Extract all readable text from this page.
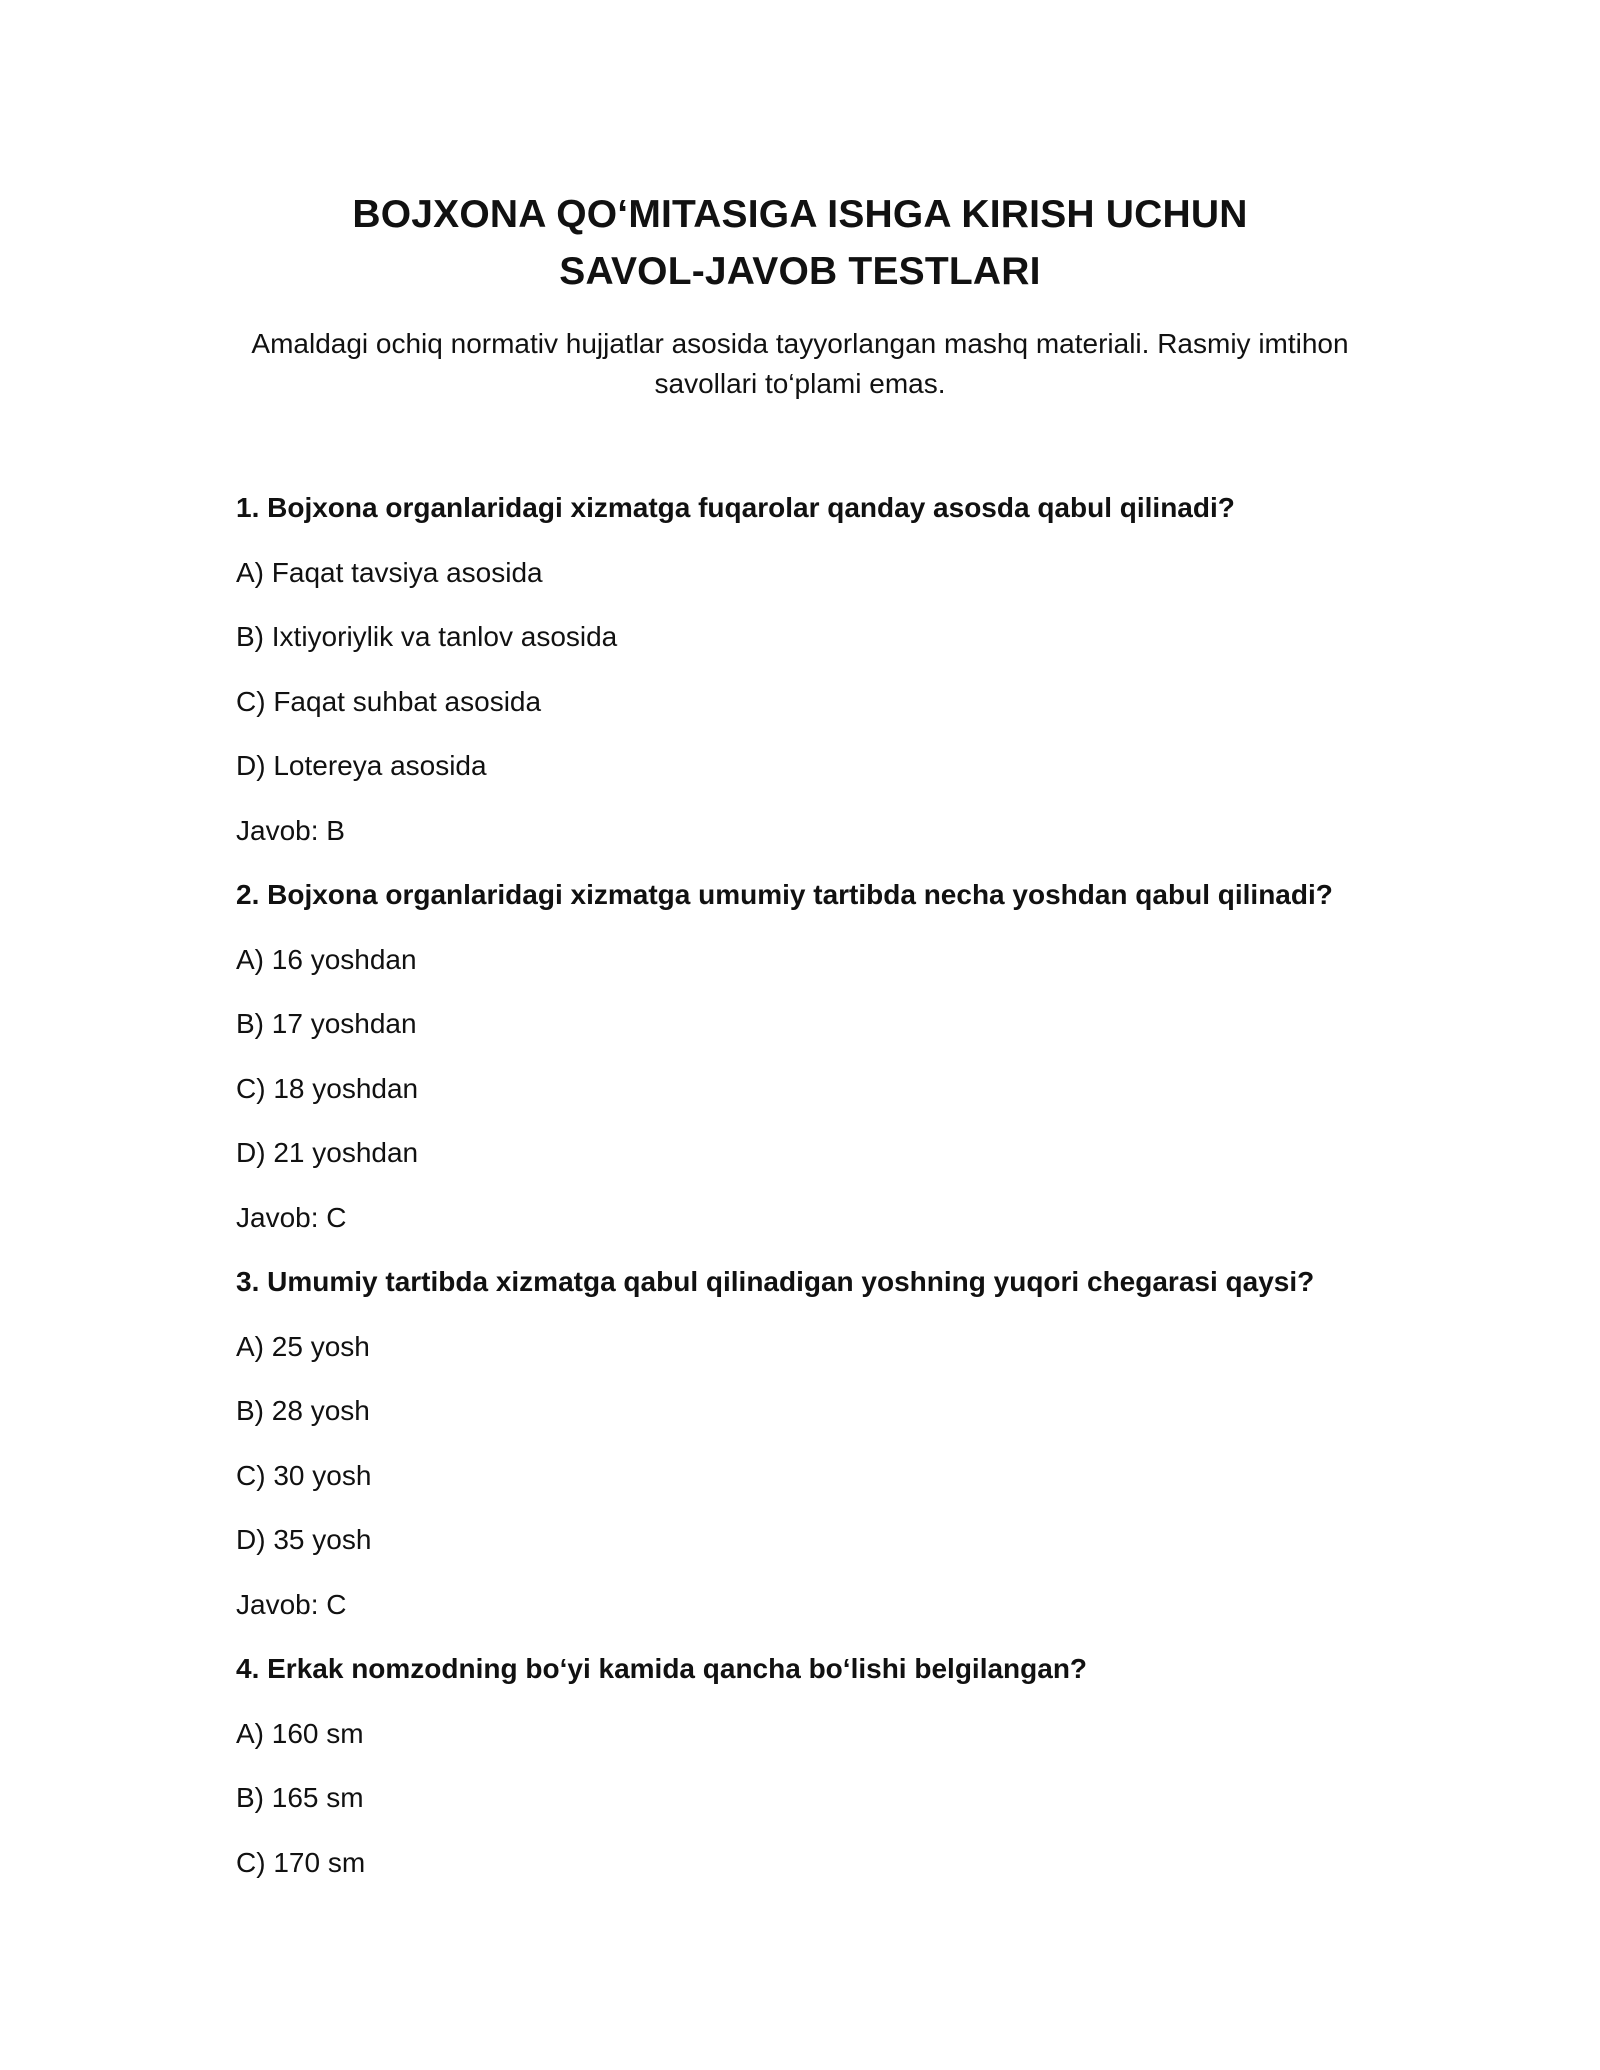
BOJXONA QO‘MITASIGA ISHGA KIRISH UCHUN
SAVOL-JAVOB TESTLARI
Amaldagi ochiq normativ hujjatlar asosida tayyorlangan mashq materiali. Rasmiy imtihon savollari to‘plami emas.
1. Bojxona organlaridagi xizmatga fuqarolar qanday asosda qabul qilinadi?
A) Faqat tavsiya asosida
B) Ixtiyoriylik va tanlov asosida
C) Faqat suhbat asosida
D) Lotereya asosida
Javob: B
2. Bojxona organlaridagi xizmatga umumiy tartibda necha yoshdan qabul qilinadi?
A) 16 yoshdan
B) 17 yoshdan
C) 18 yoshdan
D) 21 yoshdan
Javob: C
3. Umumiy tartibda xizmatga qabul qilinadigan yoshning yuqori chegarasi qaysi?
A) 25 yosh
B) 28 yosh
C) 30 yosh
D) 35 yosh
Javob: C
4. Erkak nomzodning bo‘yi kamida qancha bo‘lishi belgilangan?
A) 160 sm
B) 165 sm
C) 170 sm
